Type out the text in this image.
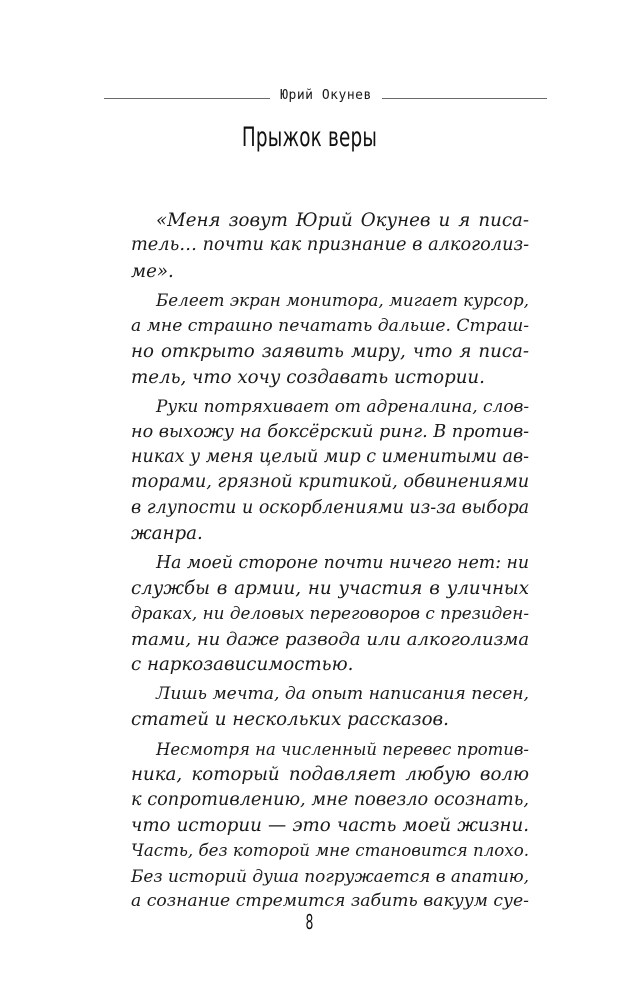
Юрий Окунев
Прыжок веры
«Меня зовут Юрий Окунев и я писа-
тель… почти как признание в алкоголиз-
ме».
Белеет экран монитора, мигает курсор,
а мне страшно печатать дальше. Страш-
но открыто заявить миру, что я писа-
тель, что хочу создавать истории.
Руки потряхивает от адреналина, слов-
но выхожу на боксёрский ринг. В против-
никах у меня целый мир с именитыми ав-
торами, грязной критикой, обвинениями
в глупости и оскорблениями из-за выбора
жанра.
На моей стороне почти ничего нет: ни
службы в армии, ни участия в уличных
драках, ни деловых переговоров с президен-
тами, ни даже развода или алкоголизма
с наркозависимостью.
Лишь мечта, да опыт написания песен,
статей и нескольких рассказов.
Несмотря на численный перевес против-
ника, который подавляет любую волю
к сопротивлению, мне повезло осознать,
что истории — это часть моей жизни.
Часть, без которой мне становится плохо.
Без историй душа погружается в апатию,
а сознание стремится забить вакуум суе-
8
